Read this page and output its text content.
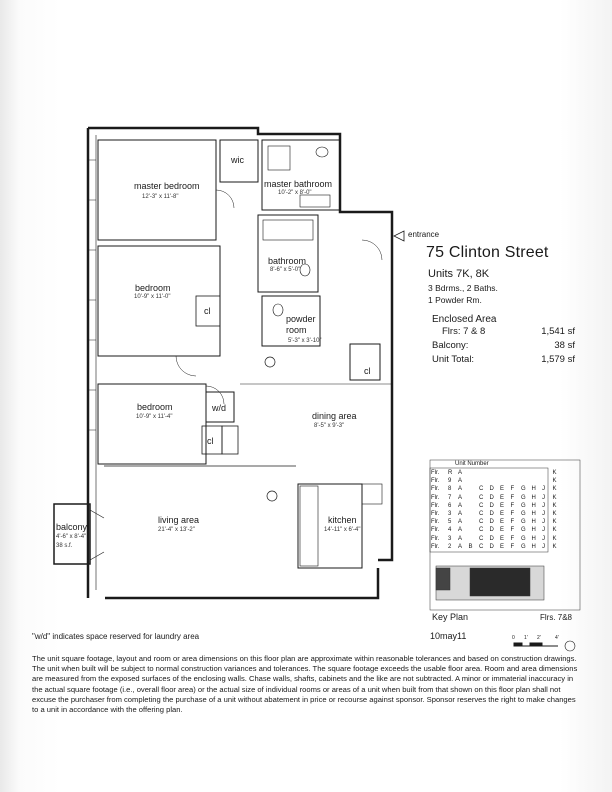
master bedroom
12'-3" x 11'-8"
wic
master bathroom
10'-2" x 8'-0"
bathroom
8'-6" x 5'-0"
powder room
5'-3" x 3'-10"
bedroom
10'-9" x 11'-0"
cl
bedroom
10'-9" x 11'-4"
w/d
cl
cl
dining area
8'-5" x 9'-3"
living area
21'-4" x 13'-2"
kitchen
14'-11" x 6'-4"
balcony
4'-6" x 8'-4"
38 s.f.
entrance
75 Clinton Street
Units 7K, 8K
3 Bdrms., 2 Baths.
1 Powder Rm.
Enclosed Area
Flrs: 7 & 8	1,541 sf
Balcony:	38 sf
Unit Total:	1,579 sf
Unit Number
Flr. R A	K
Flr. 9 A	K
Flr. 8 A	C D E F G H J K
Flr. 7 A	C D E F G H J K
Flr. 6 A	C D E F G H J K
Flr. 3 A	C D E F G H J K
Flr. 5 A	C D E F G H J K
Flr. 4 A	C D E F G H J K
Flr. 3 A	C D E F G H J K
Flr. 2 A B C D E F G H J K
Key Plan	Flrs. 7&8
"w/d" indicates space reserved for laundry area	10may11	0 1' 2'	4'
The unit square footage, layout and room or area dimensions on this floor plan are approximate within reasonable tolerances and based on construction drawings. The unit when built will be subject to normal construction variances and tolerances. The square footage exceeds the usable floor area. Room and area dimensions are measured from the exposed surfaces of the enclosing walls. Chase walls, shafts, cabinets and the like are not subtracted. A minor or immaterial inaccuracy in the actual square footage (i.e., overall floor area) or the actual size of individual rooms or areas of a unit when built from that shown on this floor plan shall not excuse the purchaser from completing the purchase of a unit without abatement in price or recourse against sponsor. Sponsor reserves the right to make changes to a unit in accordance with the offering plan.
